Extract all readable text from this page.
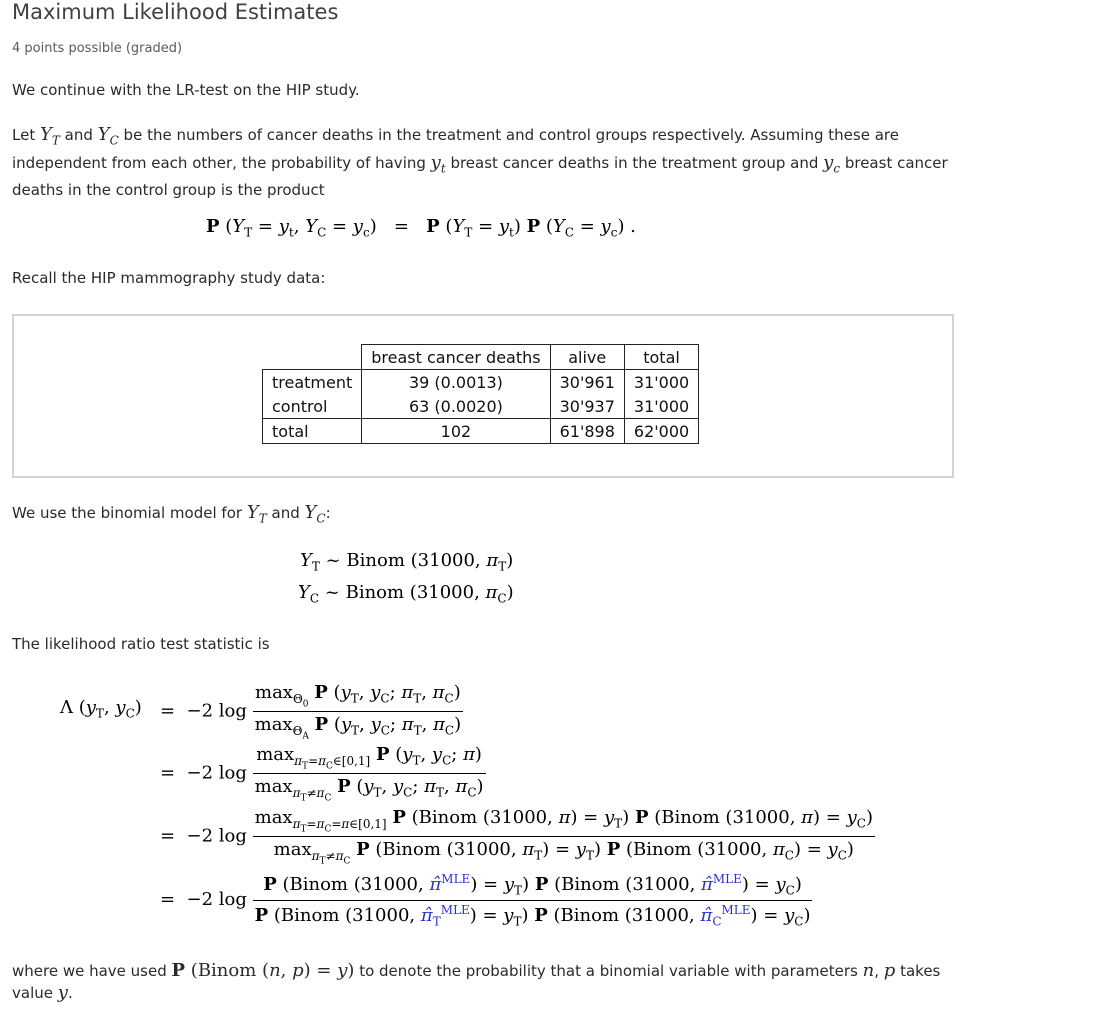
Maximum Likelihood Estimates
4 points possible (graded)
We continue with the LR-test on the HIP study.
Let $Y_T$ and $Y_C$ be the numbers of cancer deaths in the treatment and control groups respectively. Assuming these are independent from each other, the probability of having $y_t$ breast cancer deaths in the treatment group and $y_c$ breast cancer deaths in the control group is the product
P ($Y_T = y_t$, $Y_C = y_c) = P$ $(Y_T = y_t)$ P $(Y_C = y_c)$ .
Recall the HIP mammography study data:
	breast cancer deaths	alive	total
treatment	39 (0.0013)	30'961	31'000
control	63 (0.0020)	30'937	31'000
total	102	61'898	62'000
We use the binomial model for $Y_T$ and $Y_C$:
$Y_T$ ~ Binom (31000, $\pi_T$)
$Y_C$ ~ Binom (31000, $\pi_C$)
The likelihood ratio test statistic is
Λ ($y_T$, $y_C) = -2$ $\log \frac{\max_{\Theta_0} P (y_T, y_C; \pi_T, \pi_C)}{\max_{\Theta_A} P (y_T, y_C; \pi_T, \pi_C)}$
=  −2 $\log \frac{\max_{\pi_T=\pi_C\in[0,1]} P (y_T, y_C; \pi)}{\max_{\pi_T\ne\pi_C} P (y_T, y_C; \pi_T, \pi_C)}$
=  −2 log
$\max_{\pi_T=\pi_C=\pi\in[0,1]} P$ (Binom (31000, $\pi) = y_T$) P (Binom (31000, $\pi) = y_C$)
$\max_{\pi_T\ne\pi_C} P$ (Binom (31000, $\pi_T) = y_T$) P (Binom (31000, $\pi_C) = y_C$)
=  −2 log
P (Binom (31000, π̂$^{MLE}$) = $y_T$) P (Binom (31000, π̂$^{MLE}$) = $y_C$)
P (Binom (31000, $\pî_T^{MLE}) = y_T$) P (Binom (31000, $\pî_C^{MLE}) = y_C$)
where we have used P (Binom (n, p) = y) to denote the probability that a binomial variable with parameters n, p takes value y.
